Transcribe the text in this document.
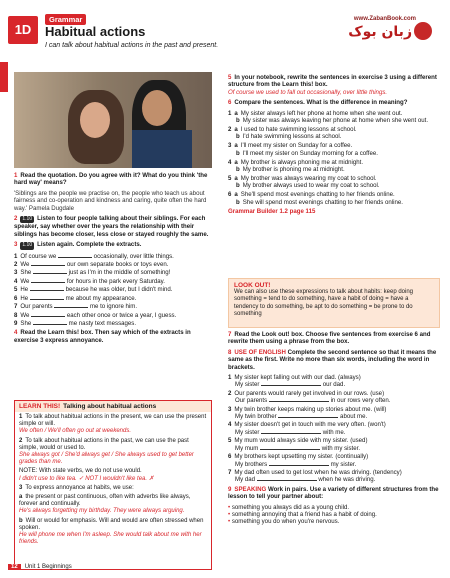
1D
Grammar
Habitual actions
I can talk about habitual actions in the past and present.
www.ZabanBook.com
زبان بوک

1 Read the quotation. Do you agree with it? What do you think 'the hard way' means?

'Siblings are the people we practise on, the people who teach us about fairness and co-operation and kindness and caring, quite often the hard way.' Pamela Dugdale

2 1.10 Listen to four people talking about their siblings. For each speaker, say whether over the years the relationship with their siblings has become closer, less close or stayed roughly the same.

3 1.10 Listen again. Complete the extracts.

1 Of course we	occasionally, over little things.
2 We	our own separate books or toys even.
3 She	just as I'm in the middle of something!
4 We	for hours in the park every Saturday.
5 He	because he was older, but I didn't mind.
6 He	me about my appearance.
7 Our parents	me to ignore him.
8 We	each other once or twice a year, I guess.
9 She	me nasty text messages.

4 Read the Learn this! box. Then say which of the extracts in exercise 3 express annoyance.

LEARN THIS! Talking about habitual actions

1 To talk about habitual actions in the present, we can use the present simple or will.
We often / We'll often go out at weekends.

2 To talk about habitual actions in the past, we can use the past simple, would or used to.
She always got / She'd always get / She always used to get better grades than me.

NOTE: With state verbs, we do not use would.
I didn't use to like tea. ✓ NOT I wouldn't like tea. ✗

3 To express annoyance at habits, we use:

a the present or past continuous, often with adverbs like always, forever and continually.
He's always forgetting my birthday. They were always arguing.

b Will or would for emphasis. Will and would are often stressed when spoken.
He will phone me when I'm asleep. She would talk about me with her friends.

5 In your notebook, rewrite the sentences in exercise 3 using a different structure from the Learn this! box.
Of course we used to fall out occasionally, over little things.

6 Compare the sentences. What is the difference in meaning?

1 a My sister always left her phone at home when she went out.
b My sister was always leaving her phone at home when she went out.
2 a I used to hate swimming lessons at school.
b I'd hate swimming lessons at school.
3 a I'll meet my sister on Sunday for a coffee.
b I'll meet my sister on Sunday morning for a coffee.
4 a My brother is always phoning me at midnight.
b My brother is phoning me at midnight.
5 a My brother was always wearing my coat to school.
b My brother always used to wear my coat to school.
6 a She'll spend most evenings chatting to her friends online.
b She will spend most evenings chatting to her friends online.

Grammar Builder 1.2 page 115

LOOK OUT!
We can also use these expressions to talk about habits: keep doing something = tend to do something, have a habit of doing = have a tendency to do something, be apt to do something = be prone to do something

7 Read the Look out! box. Choose five sentences from exercise 6 and rewrite them using a phrase from the box.

8 USE OF ENGLISH Complete the second sentence so that it means the same as the first. Write no more than six words, including the word in brackets.

1 My sister kept falling out with our dad. (always)
My sister	our dad.
2 Our parents would rarely get involved in our rows. (use)
Our parents	in our rows very often.
3 My twin brother keeps making up stories about me. (will)
My twin brother	about me.
4 My sister doesn't get in touch with me very often. (won't)
My sister	with me.
5 My mum would always side with my sister. (used)
My mum	with my sister.
6 My brothers kept upsetting my sister. (continually)
My brothers	my sister.
7 My dad often used to get lost when he was driving. (tendency)
My dad	when he was driving.

9 SPEAKING Work in pairs. Use a variety of different structures from the lesson to tell your partner about:

• something you always did as a young child.
• something annoying that a friend has a habit of doing.
• something you do when you're nervous.
12 Unit 1 Beginnings
